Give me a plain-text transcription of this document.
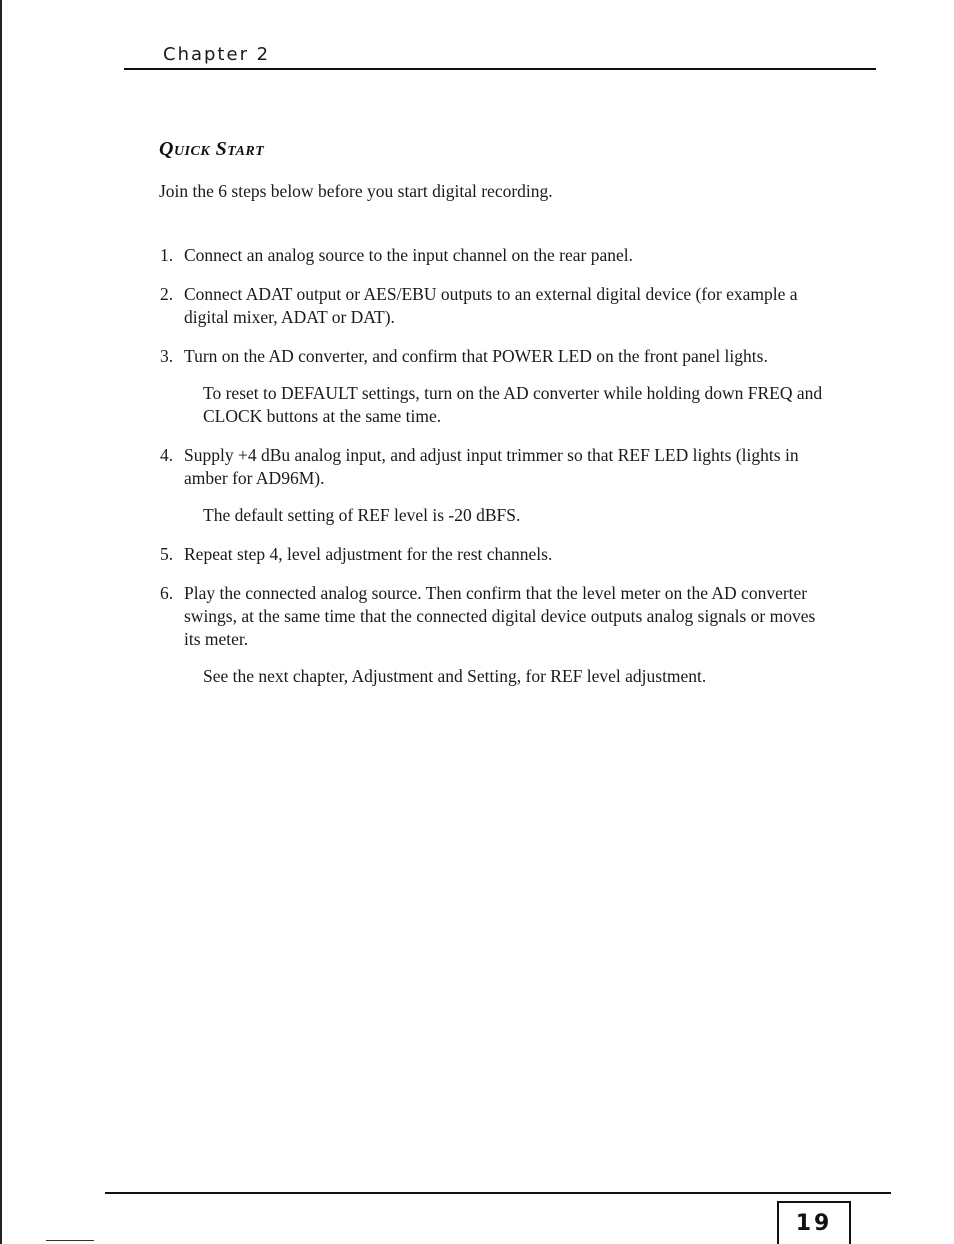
Chapter 2
Quick Start
Join the 6 steps below before you start digital recording.
1. Connect an analog source to the input channel on the rear panel.
2. Connect ADAT output or AES/EBU outputs to an external digital device (for example a digital mixer, ADAT or DAT).
3. Turn on the AD converter, and confirm that POWER LED on the front panel lights.
To reset to DEFAULT settings, turn on the AD converter while holding down FREQ and CLOCK buttons at the same time.
4. Supply +4 dBu analog input, and adjust input trimmer so that REF LED lights (lights in amber for AD96M).
The default setting of REF level is -20 dBFS.
5. Repeat step 4, level adjustment for the rest channels.
6. Play the connected analog source. Then confirm that the level meter on the AD converter swings, at the same time that the connected digital device outputs analog signals or moves its meter.
See the next chapter, Adjustment and Setting, for REF level adjustment.
19
